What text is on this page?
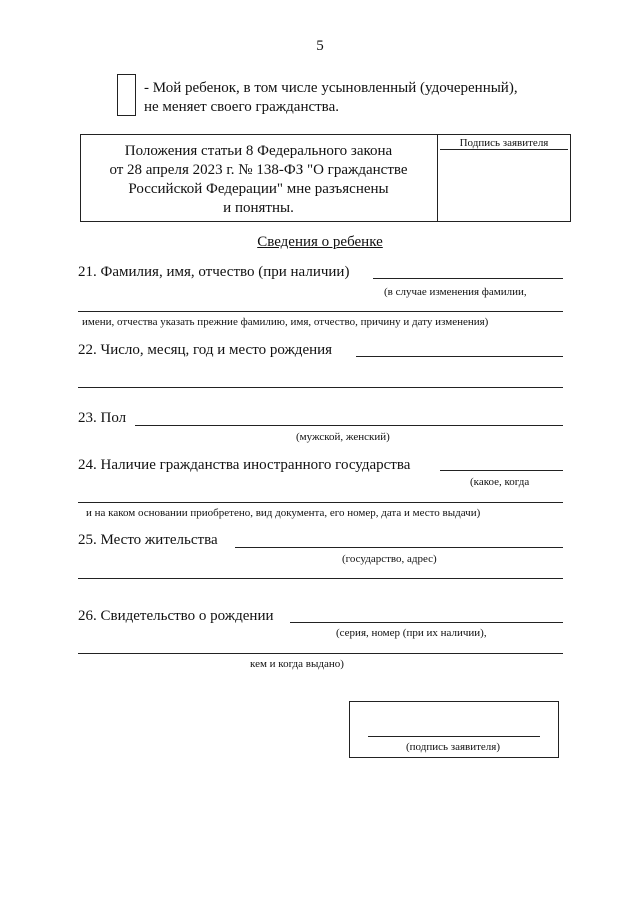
5
- Мой ребенок, в том числе усыновленный (удочеренный),
не меняет своего гражданства.
Положения статьи 8 Федерального закона
от 28 апреля 2023 г. № 138-ФЗ "О гражданстве
Российской Федерации" мне разъяснены
и понятны.
Подпись заявителя
Сведения о ребенке
21. Фамилия, имя, отчество (при наличии)
(в случае изменения фамилии,
имени, отчества указать прежние фамилию, имя, отчество, причину и дату изменения)
22. Число, месяц, год и место рождения
23. Пол
(мужской, женский)
24. Наличие гражданства иностранного государства
(какое, когда
и на каком основании приобретено, вид документа, его номер, дата и место выдачи)
25. Место жительства
(государство, адрес)
26. Свидетельство о рождении
(серия, номер (при их наличии),
кем и когда выдано)
(подпись заявителя)
